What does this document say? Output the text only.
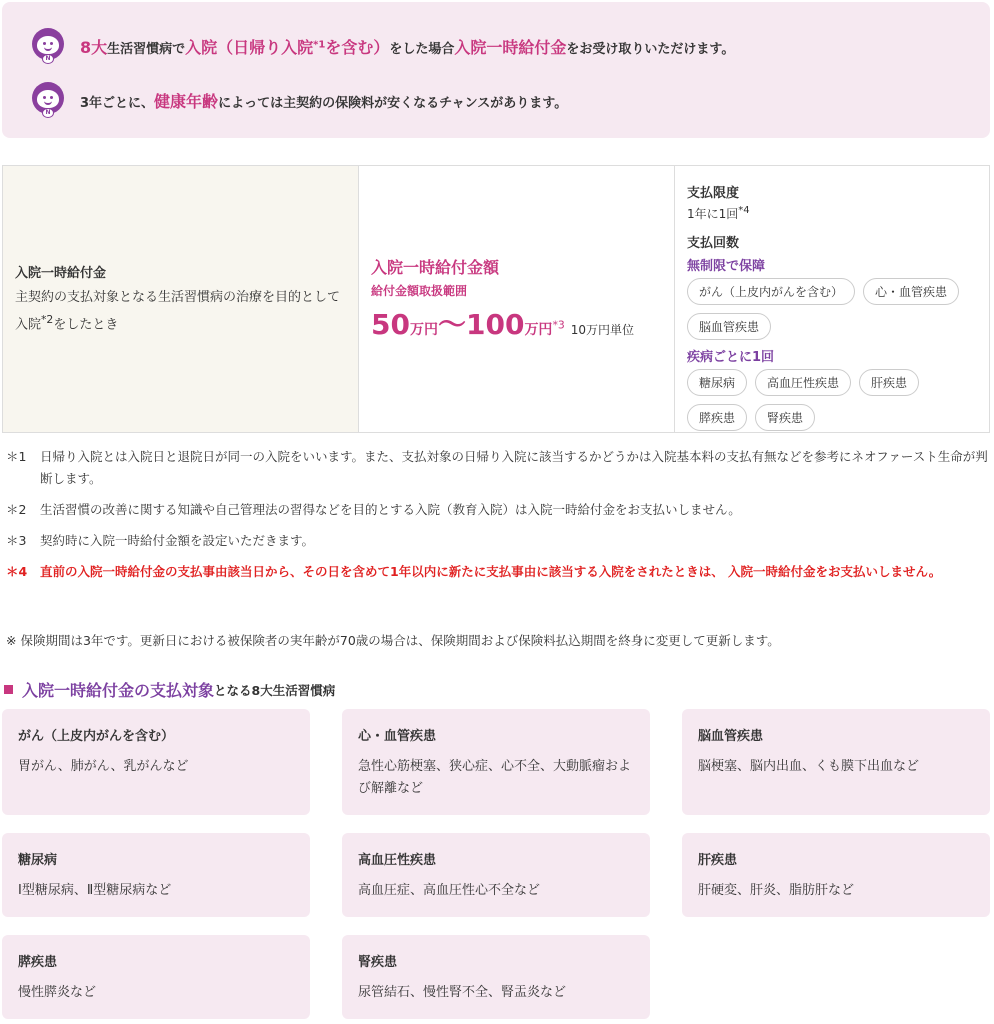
N
8大生活習慣病で入院（日帰り入院$^{*1}$を含む）をした場合入院一時給付金をお受け取りいただけます。
N
3年ごとに、健康年齢によっては主契約の保険料が安くなるチャンスがあります。
入院一時給付金
主契約の支払対象となる生活習慣病の治療を目的として入院$^{*2}$をしたとき
入院一時給付金額
給付金額取扱範囲
50万円～100万円$^{*3}$ 10万円単位
支払限度
1年に1回$^{*4}$
支払回数
無制限で保障
がん（上皮内がんを含む）	心・血管疾患
脳血管疾患
疾病ごとに1回
糖尿病	高血圧性疾患	肝疾患
膵疾患	腎疾患
＊1	日帰り入院とは入院日と退院日が同一の入院をいいます。また、支払対象の日帰り入院に該当するかどうかは入院基本料の支払有無などを参考にネオファースト生命が判断します。
＊2	生活習慣の改善に関する知識や自己管理法の習得などを目的とする入院（教育入院）は入院一時給付金をお支払いしません。
＊3	契約時に入院一時給付金額を設定いただきます。
＊4	直前の入院一時給付金の支払事由該当日から、その日を含めて1年以内に新たに支払事由に該当する入院をされたときは、 入院一時給付金をお支払いしません。
※ 保険期間は3年です。更新日における被保険者の実年齢が70歳の場合は、保険期間および保険料払込期間を終身に変更して更新します。
入院一時給付金の支払対象 となる8大生活習慣病
がん（上皮内がんを含む）
胃がん、肺がん、乳がんなど
心・血管疾患
急性心筋梗塞、狭心症、心不全、大動脈瘤および解離など
脳血管疾患
脳梗塞、脳内出血、くも膜下出血など
糖尿病
Ⅰ型糖尿病、Ⅱ型糖尿病など
高血圧性疾患
高血圧症、高血圧性心不全など
肝疾患
肝硬変、肝炎、脂肪肝など
膵疾患
慢性膵炎など
腎疾患
尿管結石、慢性腎不全、腎盂炎など
